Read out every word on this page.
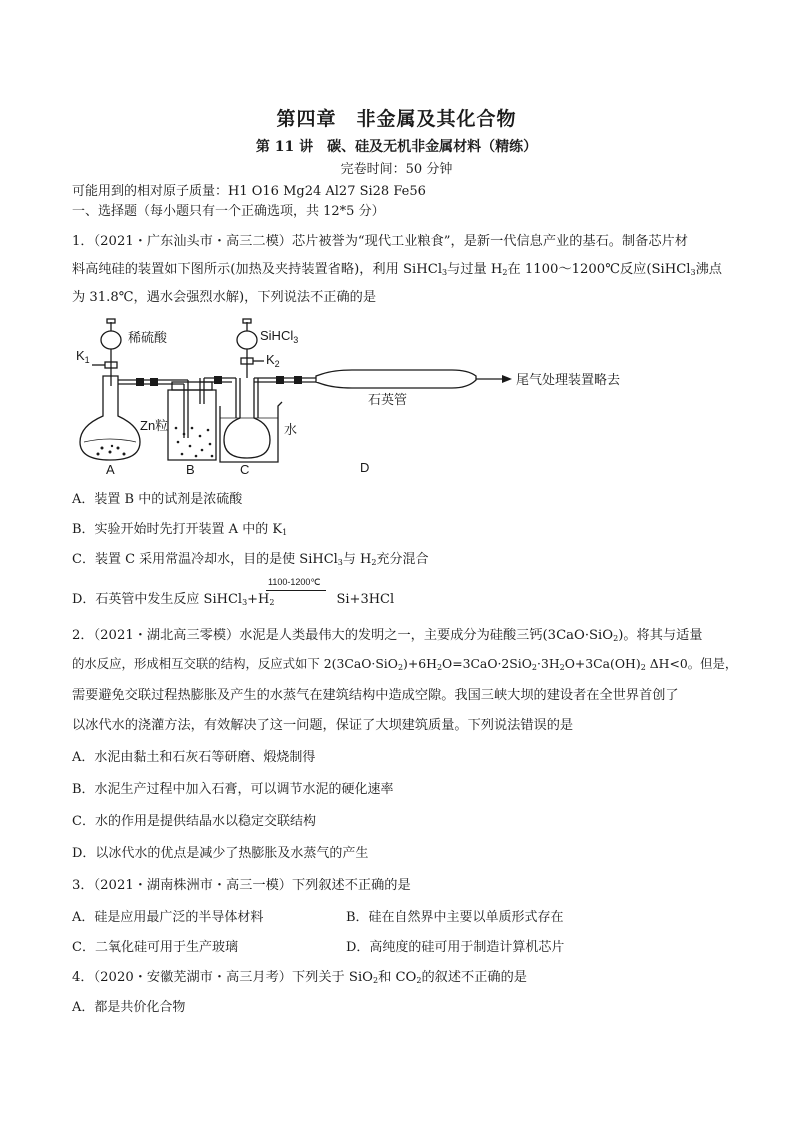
第四章　非金属及其化合物
第 11 讲　碳、硅及无机非金属材料（精练）
完卷时间：50 分钟
可能用到的相对原子质量：H1 O16 Mg24 Al27 Si28 Fe56
一、选择题（每小题只有一个正确选项，共 12*5 分）
1．（2021・广东汕头市・高三二模）芯片被誉为“现代工业粮食”，是新一代信息产业的基石。制备芯片材
料高纯硅的装置如下图所示(加热及夹持装置省略)，利用 SiHCl$_3$与过量 $H_2$在 1100～1200℃反应(SiHCl$_3$沸点
为 31.8℃，遇水会强烈水解)，下列说法不正确的是
稀硫酸	SiHCl$_3$
$K_1$	$K_2$
Zn粒	水
石英管
尾气处理装置略去
A	B	C	D
A．装置 B 中的试剂是浓硫酸
B．实验开始时先打开装置 A 中的 $K_1$
C．装置 C 采用常温冷却水，目的是使 SiHCl$_3$与 $H_2$充分混合
D．石英管中发生反应 $SiHCl_3+H_2$	Si+3HCl
1100-1200℃
2．（2021・湖北高三零模）水泥是人类最伟大的发明之一，主要成分为硅酸三钙(3CaO·SiO$_2$)。将其与适量
的水反应，形成相互交联的结构，反应式如下 $2(3CaO\cdot SiO_2)+6H_2O=3CaO\cdot 2SiO_2\cdot 3H_2O+3Ca(OH)_2$ ΔH<0。但是，
需要避免交联过程热膨胀及产生的水蒸气在建筑结构中造成空隙。我国三峡大坝的建设者在全世界首创了
以冰代水的浇灌方法，有效解决了这一问题，保证了大坝建筑质量。下列说法错误的是
A．水泥由黏土和石灰石等研磨、煅烧制得
B．水泥生产过程中加入石膏，可以调节水泥的硬化速率
C．水的作用是提供结晶水以稳定交联结构
D．以冰代水的优点是减少了热膨胀及水蒸气的产生
3．（2021・湖南株洲市・高三一模）下列叙述不正确的是
A．硅是应用最广泛的半导体材料	B．硅在自然界中主要以单质形式存在
C．二氧化硅可用于生产玻璃	D．高纯度的硅可用于制造计算机芯片
4．（2020・安徽芜湖市・高三月考）下列关于 SiO$_2$和 $CO_2$的叙述不正确的是
A．都是共价化合物
